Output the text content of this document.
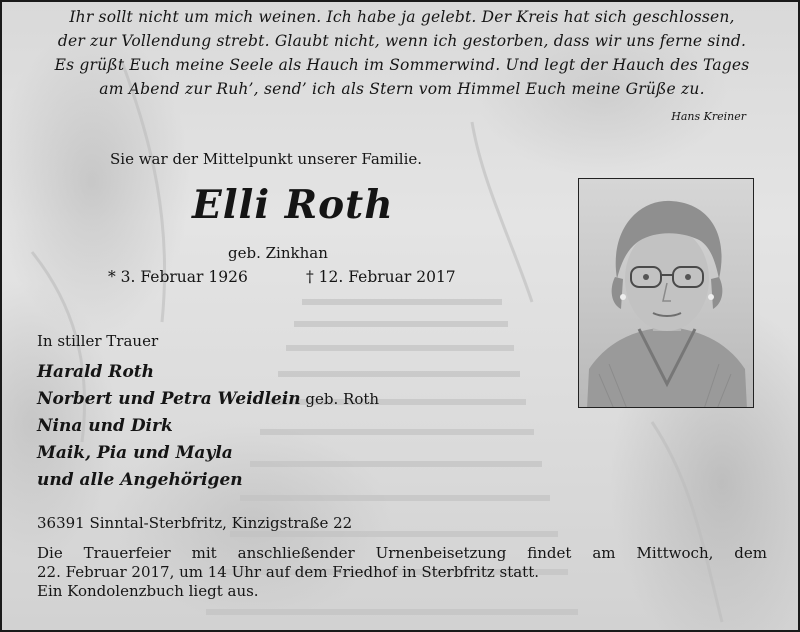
Ihr sollt nicht um mich weinen. Ich habe ja gelebt. Der Kreis hat sich geschlossen,
der zur Vollendung strebt. Glaubt nicht, wenn ich gestorben, dass wir uns ferne sind.
Es grüßt Euch meine Seele als Hauch im Sommerwind. Und legt der Hauch des Tages
am Abend zur Ruh’, send’ ich als Stern vom Himmel Euch meine Grüße zu.
Hans Kreiner
Sie war der Mittelpunkt unserer Familie.
Elli Roth
geb. Zinkhan
* 3. Februar 1926	† 12. Februar 2017
In stiller Trauer
Harald Roth
Norbert und Petra Weidlein geb. Roth
Nina und Dirk
Maik, Pia und Mayla
und alle Angehörigen
36391 Sinntal-Sterbfritz, Kinzigstraße 22
Die Trauerfeier mit anschließender Urnenbeisetzung findet am Mittwoch, dem
22. Februar 2017, um 14 Uhr auf dem Friedhof in Sterbfritz statt.
Ein Kondolenzbuch liegt aus.
